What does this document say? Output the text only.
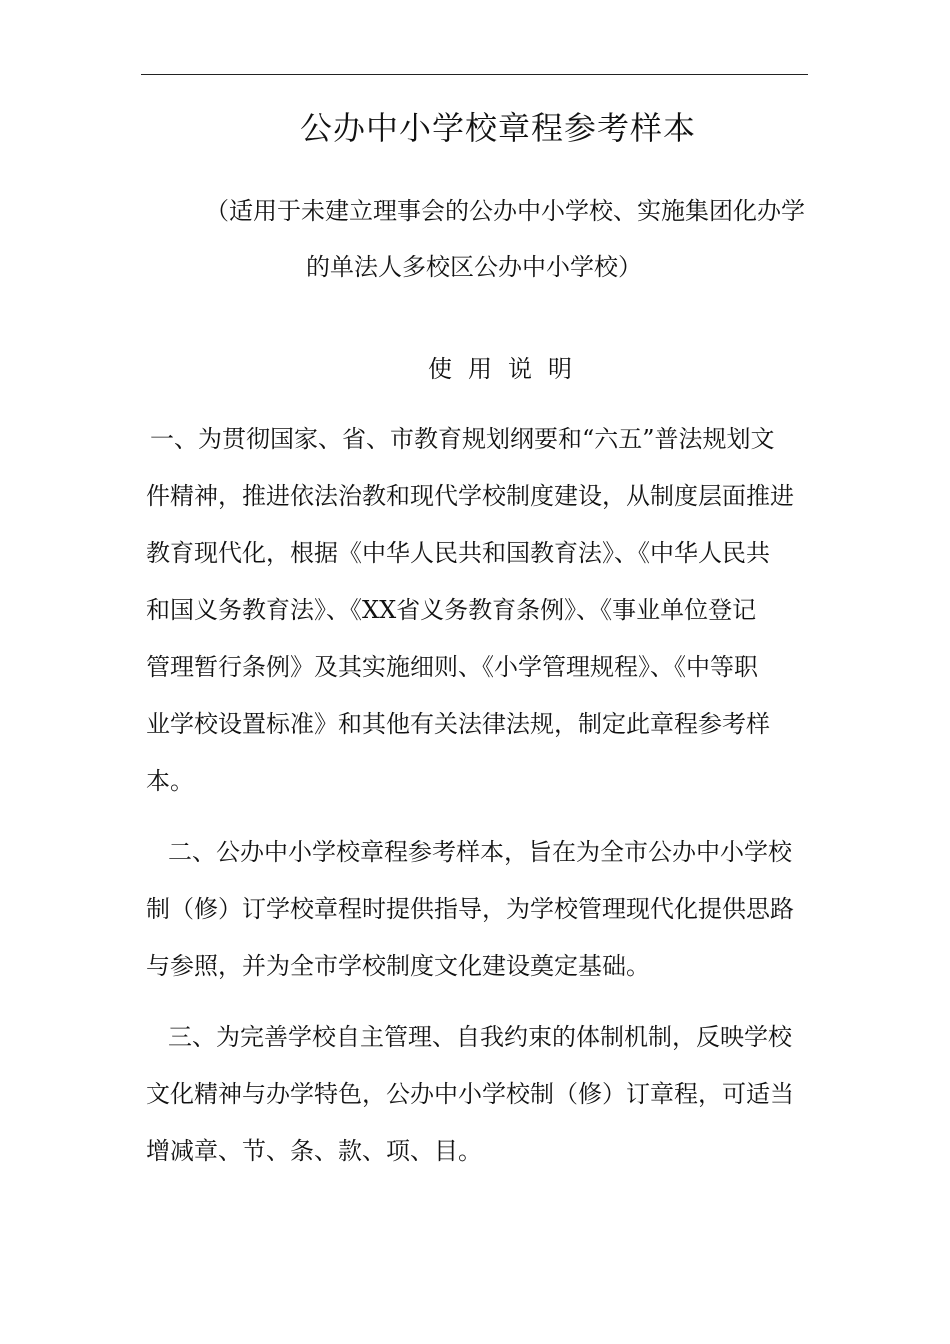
公办中小学校章程参考样本
（适用于未建立理事会的公办中小学校、实施集团化办学
的单法人多校区公办中小学校）
使用说明
一、为贯彻国家、省、市教育规划纲要和“六五”普法规划文
件精神，推进依法治教和现代学校制度建设，从制度层面推进
教育现代化，根据《中华人民共和国教育法》、《中华人民共
和国义务教育法》、《XX省义务教育条例》、《事业单位登记
管理暂行条例》及其实施细则、《小学管理规程》、《中等职
业学校设置标准》和其他有关法律法规，制定此章程参考样
本。
二、公办中小学校章程参考样本，旨在为全市公办中小学校
制（修）订学校章程时提供指导，为学校管理现代化提供思路
与参照，并为全市学校制度文化建设奠定基础。
三、为完善学校自主管理、自我约束的体制机制，反映学校
文化精神与办学特色，公办中小学校制（修）订章程，可适当
增减章、节、条、款、项、目。
